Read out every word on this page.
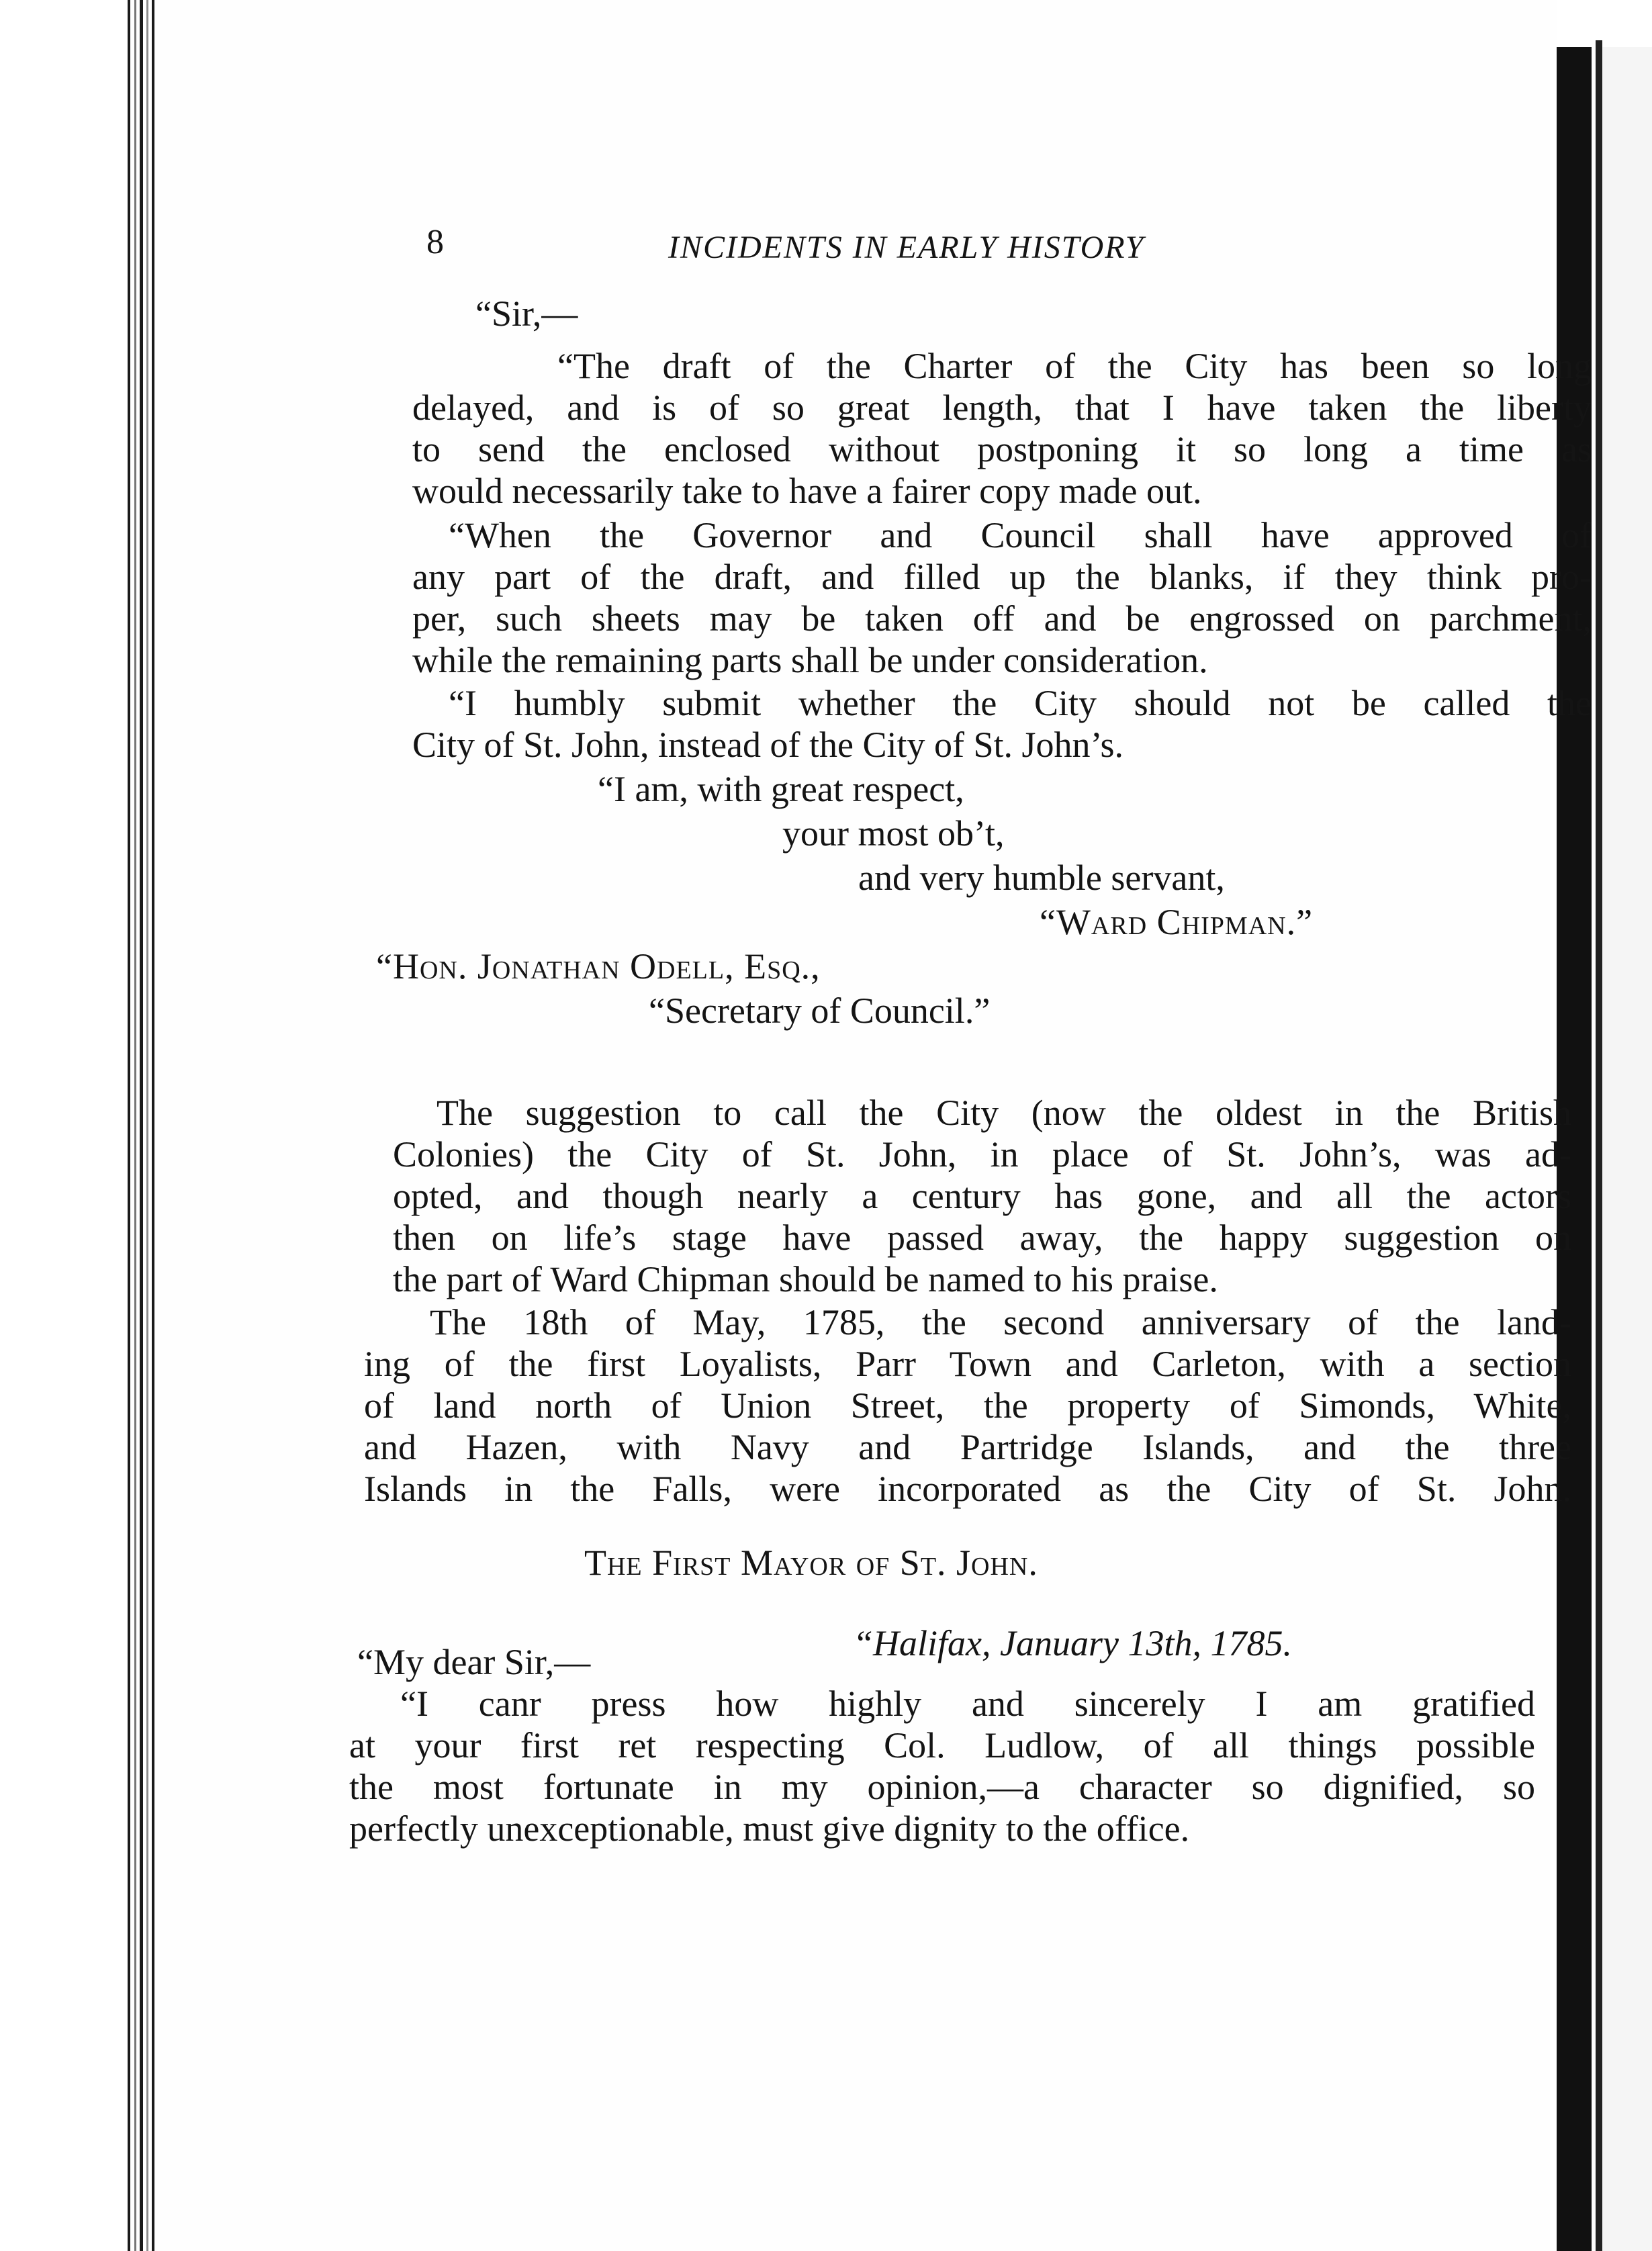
8	INCIDENTS IN EARLY HISTORY
“Sir,—
“The draft of the Charter of the City has been so long
delayed, and is of so great length, that I have taken the liberty
to send the enclosed without postponing it so long a time as
would necessarily take to have a fairer copy made out.
“When the Governor and Council shall have approved of
any part of the draft, and filled up the blanks, if they think pro-
per, such sheets may be taken off and be engrossed on parchment,
while the remaining parts shall be under consideration.
“I humbly submit whether the City should not be called the
City of St. John, instead of the City of St. John’s.
“I am, with great respect,
your most ob’t,
and very humble servant,
“Ward Chipman.”
“Hon. Jonathan Odell, Esq.,
“Secretary of Council.”
The suggestion to call the City (now the oldest in the British
Colonies) the City of St. John, in place of St. John’s, was ad-
opted, and though nearly a century has gone, and all the actors
then on life’s stage have passed away, the happy suggestion on
the part of Ward Chipman should be named to his praise.
The 18th of May, 1785, the second anniversary of the land-
ing of the first Loyalists, Parr Town and Carleton, with a section
of land north of Union Street, the property of Simonds, White,
and Hazen, with Navy and Partridge Islands, and the three
Islands in the Falls, were incorporated as the City of St. John.
The First Mayor of St. John.
“Halifax, January 13th, 1785.
“My dear Sir,—
“I canr press how highly and sincerely I am gratified
at your first ret respecting Col. Ludlow, of all things possible
the most fortunate in my opinion,—a character so dignified, so
perfectly unexceptionable, must give dignity to the office.
